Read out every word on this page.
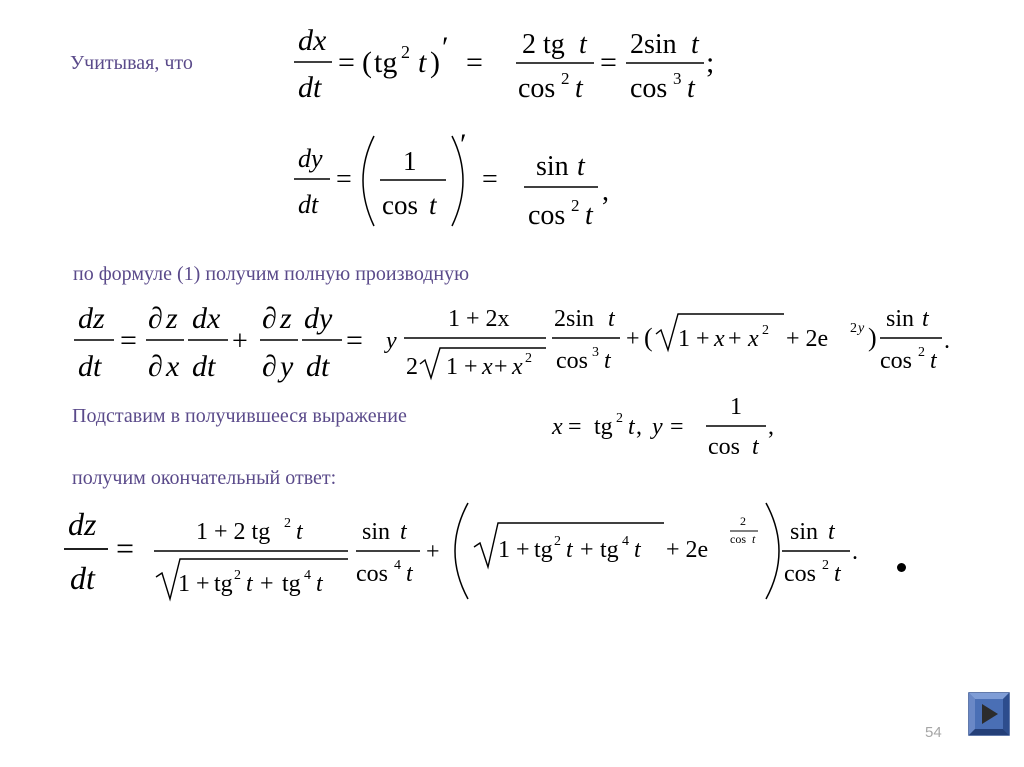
Учитывая, что
по формуле (1) получим полную производную
Подставим в получившееся выражение
получим окончательный ответ:
dx
dt
= ( tg 2 t ) ′ =
2 tg t
cos 2 t
=
2sin t
cos 3 t
;
dy
dt
=
1
cos t
′
= sin t
cos 2 t
,
dz
dt
=
∂ z
∂ x
dx
dt
+
∂ z
∂ y
dy
dt
= y
1 + 2x
2 1 + x + x 2
2sin t
cos 3 t
+ ( 1 + x + x 2 + 2e 2 y )
sin t
cos 2 t
.
x = tg 2 t , y =
1
cos t
,
dz
dt
=	1 + 2 tg 2 t
1 + tg 2 t + tg 4 t
sin t
cos 4 t
+ 1 + tg 2 t + tg 4 t + 2e
2
cos t sin t
cos 2 t
.
54
